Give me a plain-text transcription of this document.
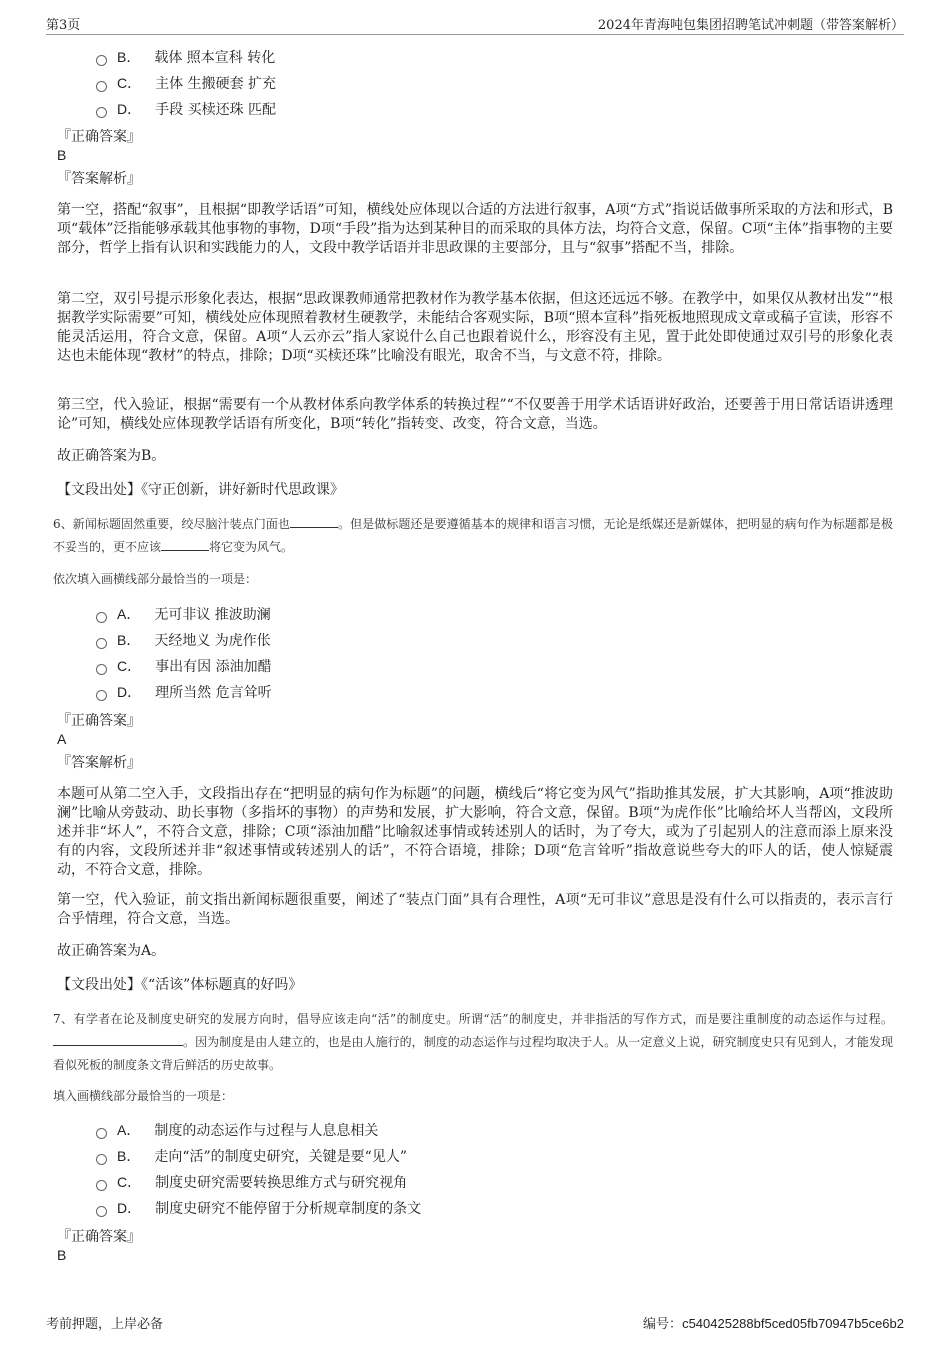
第3页	2024年青海吨包集团招聘笔试冲刺题（带答案解析）
B． 载体 照本宣科 转化
C． 主体 生搬硬套 扩充
D． 手段 买椟还珠 匹配
『正确答案』
B
『答案解析』
第一空，搭配“叙事”，且根据“即教学话语”可知，横线处应体现以合适的方法进行叙事，A项“方式”指说话做事所采取的方法和形式，B项“载体”泛指能够承载其他事物的事物，D项“手段”指为达到某种目的而采取的具体方法，均符合文意，保留。C项“主体”指事物的主要部分，哲学上指有认识和实践能力的人，文段中教学话语并非思政课的主要部分，且与“叙事”搭配不当，排除。
第二空，双引号提示形象化表达，根据“思政课教师通常把教材作为教学基本依据，但这还远远不够。在教学中，如果仅从教材出发”“根据教学实际需要”可知，横线处应体现照着教材生硬教学，未能结合客观实际，B项“照本宣科”指死板地照现成文章或稿子宣读，形容不能灵活运用，符合文意，保留。A项“人云亦云”指人家说什么自己也跟着说什么，形容没有主见，置于此处即使通过双引号的形象化表达也未能体现“教材”的特点，排除；D项“买椟还珠”比喻没有眼光，取舍不当，与文意不符，排除。
第三空，代入验证，根据“需要有一个从教材体系向教学体系的转换过程”“不仅要善于用学术话语讲好政治，还要善于用日常话语讲透理论”可知，横线处应体现教学话语有所变化，B项“转化”指转变、改变，符合文意，当选。
故正确答案为B。
【文段出处】《守正创新，讲好新时代思政课》
6、新闻标题固然重要，绞尽脑汁装点门面也	。但是做标题还是要遵循基本的规律和语言习惯，无论是纸媒还是新媒体，把明显的病句作为标题都是极不妥当的，更不应该	将它变为风气。
依次填入画横线部分最恰当的一项是：
A． 无可非议 推波助澜
B． 天经地义 为虎作伥
C． 事出有因 添油加醋
D． 理所当然 危言耸听
『正确答案』
A
『答案解析』
本题可从第二空入手，文段指出存在“把明显的病句作为标题”的问题，横线后“将它变为风气”指助推其发展，扩大其影响，A项“推波助澜”比喻从旁鼓动、助长事物（多指坏的事物）的声势和发展，扩大影响，符合文意，保留。B项“为虎作伥”比喻给坏人当帮凶，文段所述并非“坏人”，不符合文意，排除；C项“添油加醋”比喻叙述事情或转述别人的话时，为了夸大，或为了引起别人的注意而添上原来没有的内容，文段所述并非“叙述事情或转述别人的话”，不符合语境，排除；D项“危言耸听”指故意说些夸大的吓人的话，使人惊疑震动，不符合文意，排除。
第一空，代入验证，前文指出新闻标题很重要，阐述了“装点门面”具有合理性，A项“无可非议”意思是没有什么可以指责的，表示言行合乎情理，符合文意，当选。
故正确答案为A。
【文段出处】《“活该”体标题真的好吗》
7、有学者在论及制度史研究的发展方向时，倡导应该走向“活”的制度史。所谓“活”的制度史，并非指活的写作方式，而是要注重制度的动态运作与过程。。因为制度是由人建立的，也是由人施行的，制度的动态运作与过程均取决于人。从一定意义上说，研究制度史只有见到人，才能发现看似死板的制度条文背后鲜活的历史故事。
填入画横线部分最恰当的一项是：
A． 制度的动态运作与过程与人息息相关
B． 走向“活”的制度史研究，关键是要“见人”
C． 制度史研究需要转换思维方式与研究视角
D． 制度史研究不能停留于分析规章制度的条文
『正确答案』
B
考前押题，上岸必备	编号：c540425288bf5ced05fb70947b5ce6b2
